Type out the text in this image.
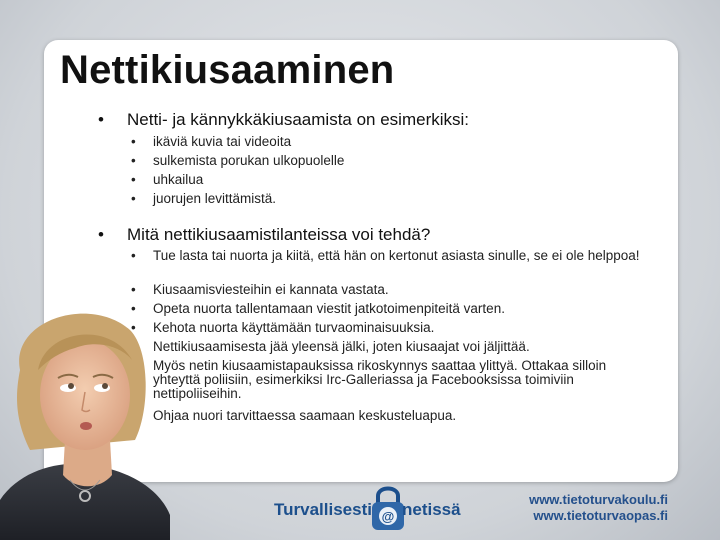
Nettikiusaaminen
• Netti- ja kännykkäkiusaamista on esimerkiksi:
• ikäviä kuvia tai videoita
• sulkemista porukan ulkopuolelle
• uhkailua
• juorujen levittämistä.
• Mitä nettikiusaamistilanteissa voi tehdä?
• Tue lasta tai nuorta ja kiitä, että hän on kertonut asiasta sinulle, se ei ole helppoa!
• Kiusaamisviesteihin ei kannata vastata.
• Opeta nuorta tallentamaan viestit jatkotoimenpiteitä varten.
• Kehota nuorta käyttämään turvaominaisuuksia.
Nettikiusaamisesta jää yleensä jälki, joten kiusaajat voi jäljittää.
Myös netin kiusaamistapauksissa rikoskynnys saattaa ylittyä. Ottakaa silloin yhteyttä poliisiin, esimerkiksi Irc-Galleriassa ja Facebooksissa toimiviin nettipoliiseihin.
Ohjaa nuori tarvittaessa saamaan keskusteluapua.
Turvallisesti @ netissä
www.tietoturvakoulu.fi
www.tietoturvaopas.fi
